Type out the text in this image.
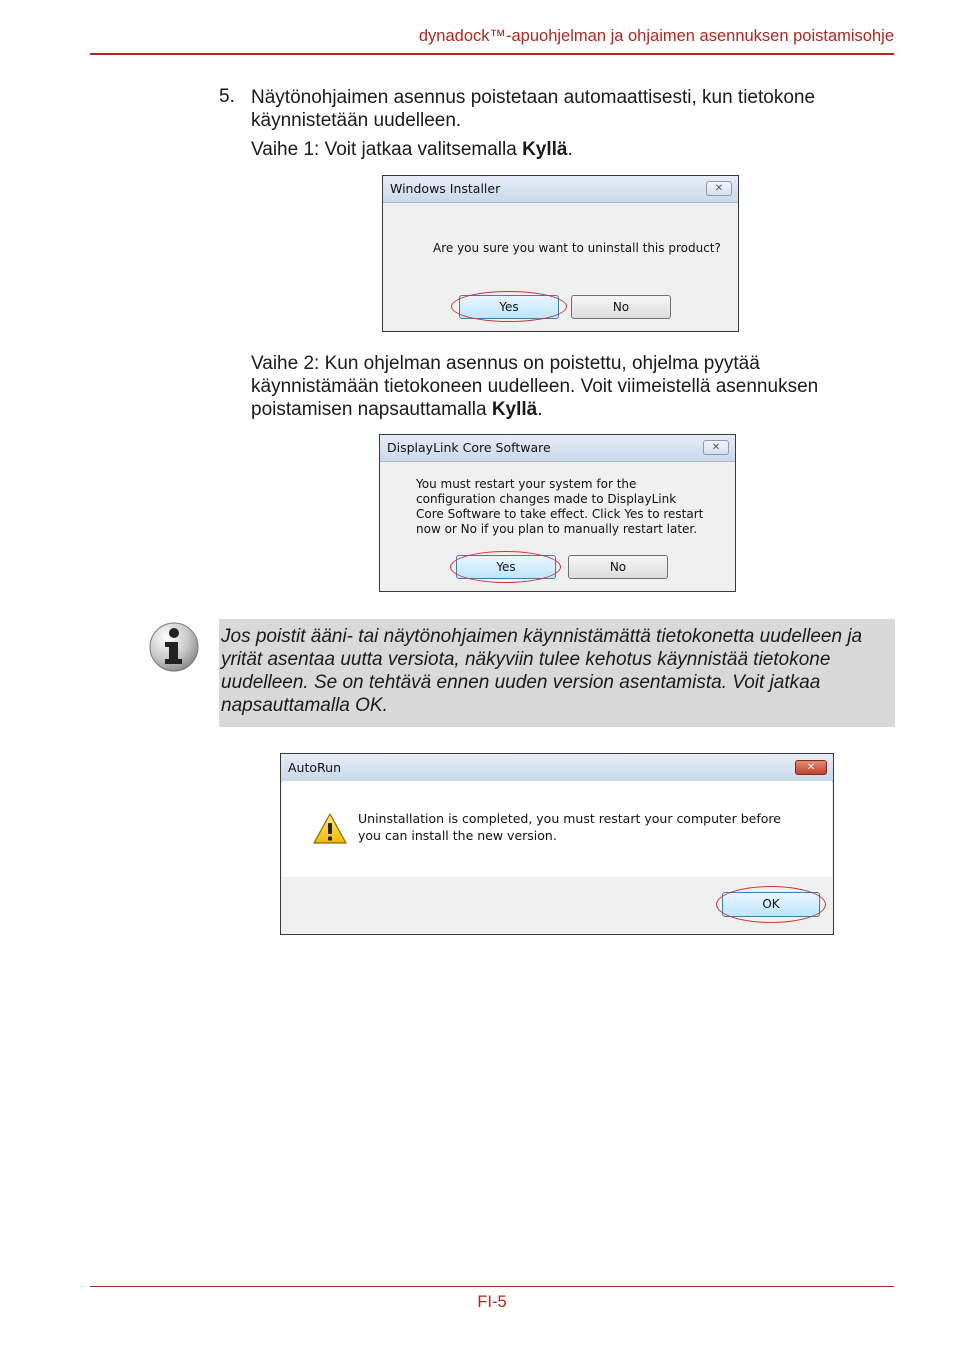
dynadock™-apuohjelman ja ohjaimen asennuksen poistamisohje
5. Näytönohjaimen asennus poistetaan automaattisesti, kun tietokone käynnistetään uudelleen.
Vaihe 1: Voit jatkaa valitsemalla Kyllä.
Windows Installer	✕
Are you sure you want to uninstall this product?
Yes	No
Vaihe 2: Kun ohjelman asennus on poistettu, ohjelma pyytää käynnistämään tietokoneen uudelleen. Voit viimeistellä asennuksen poistamisen napsauttamalla Kyllä.
DisplayLink Core Software	✕
You must restart your system for the configuration changes made to DisplayLink Core Software to take effect. Click Yes to restart now or No if you plan to manually restart later.
Yes	No
Jos poistit ääni- tai näytönohjaimen käynnistämättä tietokonetta uudelleen ja yrität asentaa uutta versiota, näkyviin tulee kehotus käynnistää tietokone uudelleen. Se on tehtävä ennen uuden version asentamista. Voit jatkaa napsauttamalla OK.
AutoRun	✕
Uninstallation is completed, you must restart your computer before you can install the new version.
OK
FI-5
